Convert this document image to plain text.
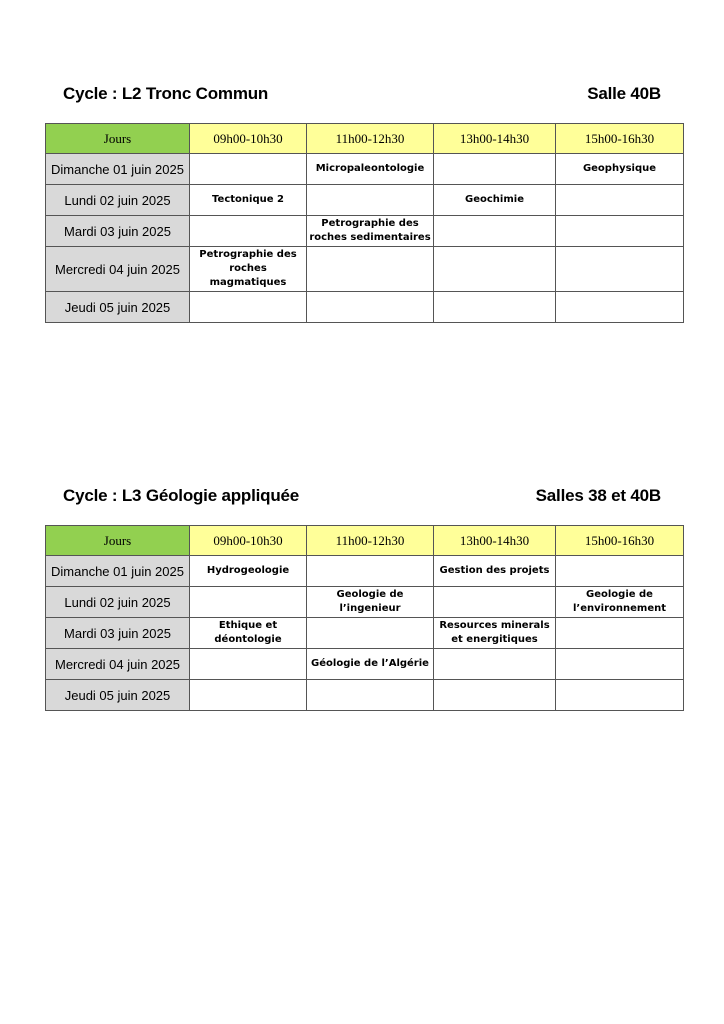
Cycle : L2 Tronc Commun	Salle 40B
Jours	09h00-10h30	11h00-12h30	13h00-14h30	15h00-16h30
Dimanche 01 juin 2025		Micropaleontologie		Geophysique
Lundi 02 juin 2025	Tectonique 2		Geochimie	
Mardi 03 juin 2025		Petrographie des roches sedimentaires		
Mercredi 04 juin 2025	Petrographie des roches magmatiques			
Jeudi 05 juin 2025				
Cycle : L3 Géologie appliquée	Salles 38 et 40B
Jours	09h00-10h30	11h00-12h30	13h00-14h30	15h00-16h30
Dimanche 01 juin 2025	Hydrogeologie		Gestion des projets	
Lundi 02 juin 2025		Geologie de l’ingenieur		Geologie de l’environnement
Mardi 03 juin 2025	Ethique et déontologie		Resources minerals et energitiques	
Mercredi 04 juin 2025		Géologie de l’Algérie		
Jeudi 05 juin 2025				
